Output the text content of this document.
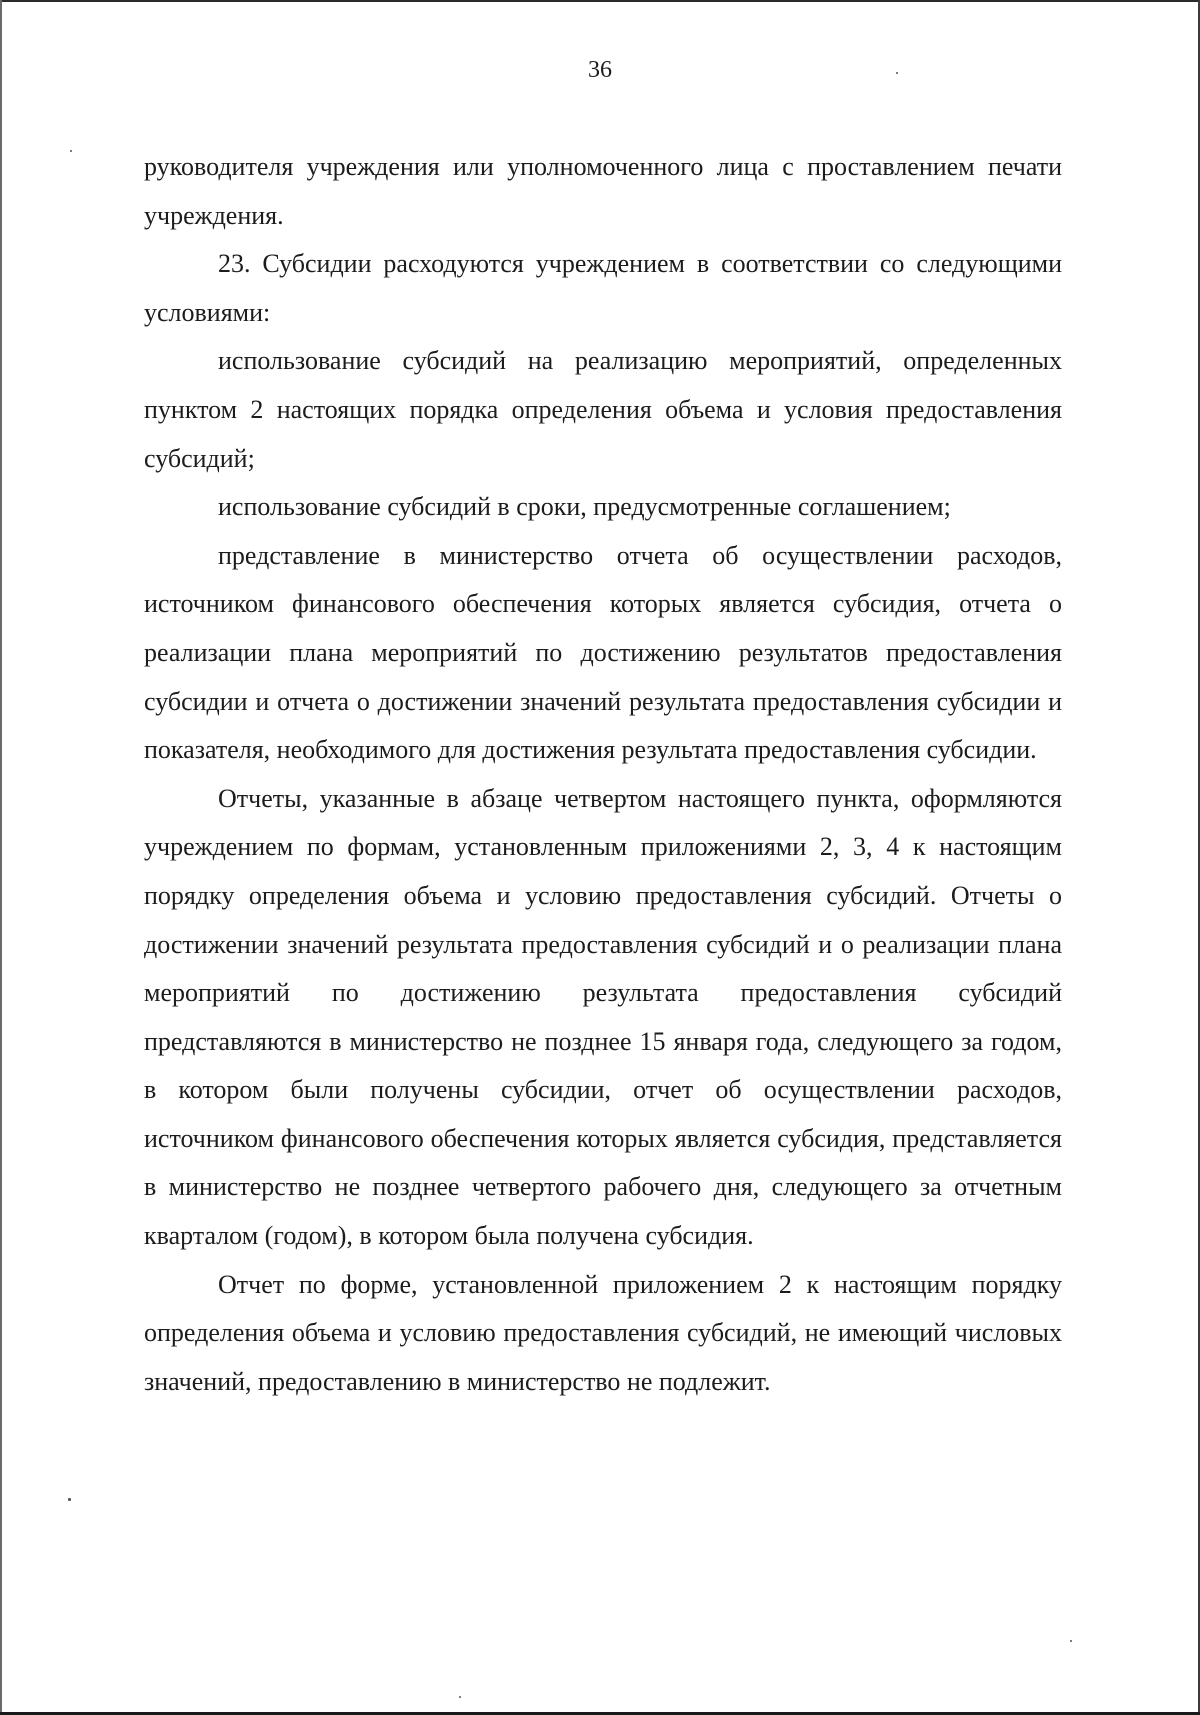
36

руководителя учреждения или уполномоченного лица с проставлением печати учреждения.

23. Субсидии расходуются учреждением в соответствии со следующими условиями:

использование субсидий на реализацию мероприятий, определенных пунктом 2 настоящих порядка определения объема и условия предоставления субсидий;

использование субсидий в сроки, предусмотренные соглашением;

представление в министерство отчета об осуществлении расходов, источником финансового обеспечения которых является субсидия, отчета о реализации плана мероприятий по достижению результатов предоставления субсидии и отчета о достижении значений результата предоставления субсидии и показателя, необходимого для достижения результата предоставления субсидии.

Отчеты, указанные в абзаце четвертом настоящего пункта, оформляются учреждением по формам, установленным приложениями 2, 3, 4 к настоящим порядку определения объема и условию предоставления субсидий. Отчеты о достижении значений результата предоставления субсидий и о реализации плана мероприятий по достижению результата предоставления субсидий представляются в министерство не позднее 15 января года, следующего за годом, в котором были получены субсидии, отчет об осуществлении расходов, источником финансового обеспечения которых является субсидия, представляется в министерство не позднее четвертого рабочего дня, следующего за отчетным кварталом (годом), в котором была получена субсидия.

Отчет по форме, установленной приложением 2 к настоящим порядку определения объема и условию предоставления субсидий, не имеющий числовых значений, предоставлению в министерство не подлежит.
